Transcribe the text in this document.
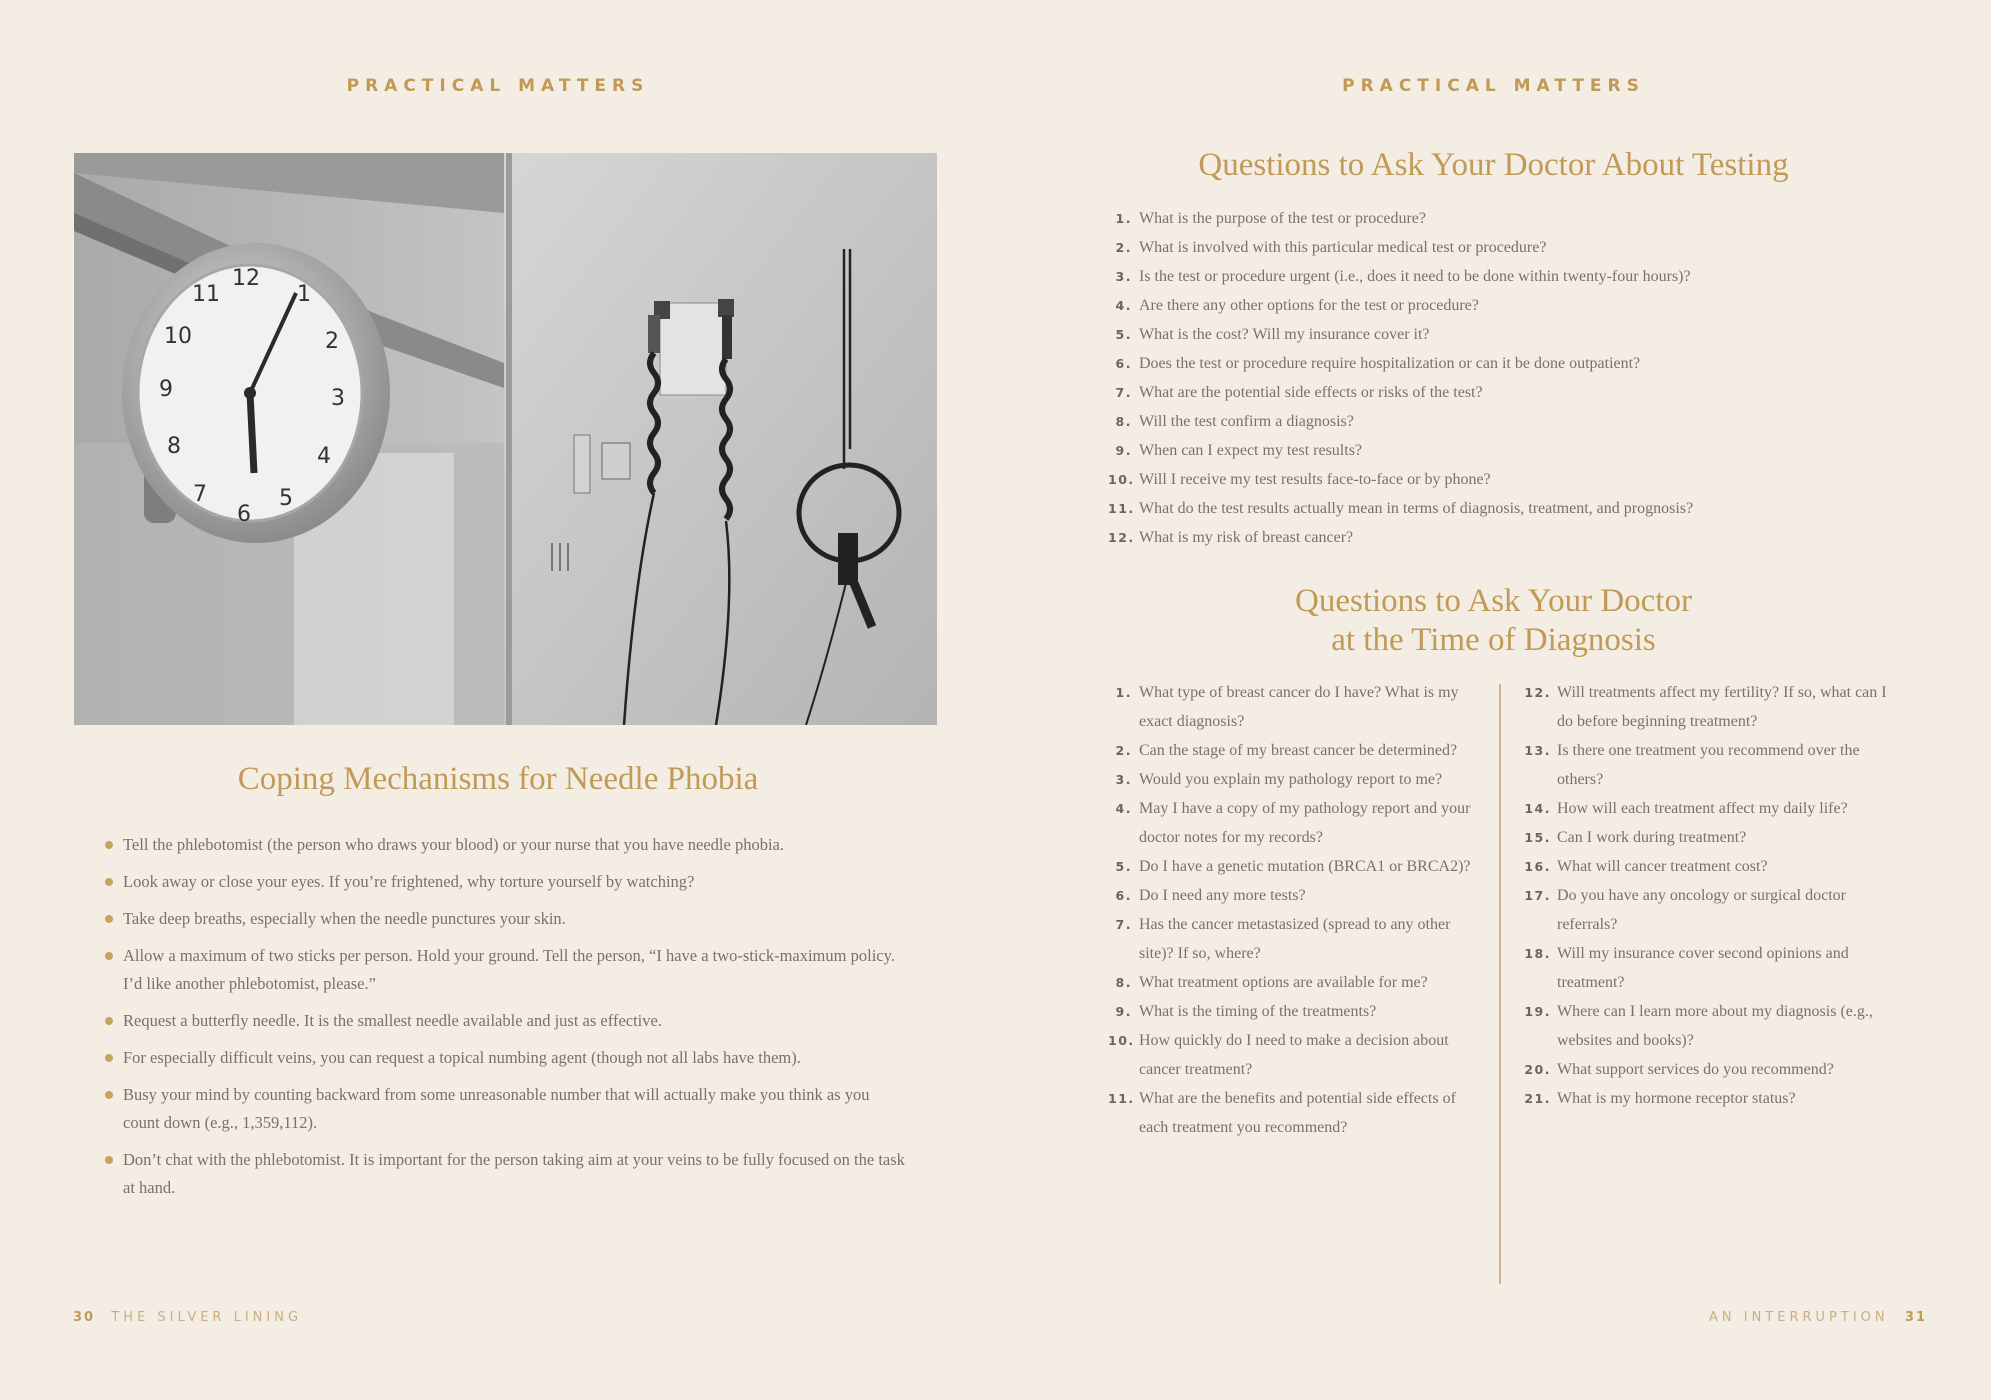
PRACTICAL MATTERS
12
1
2
3
4
5
6
7
8
9
10
11
Coping Mechanisms for Needle Phobia
Tell the phlebotomist (the person who draws your blood) or your nurse that you have needle phobia.
Look away or close your eyes. If you’re frightened, why torture yourself by watching?
Take deep breaths, especially when the needle punctures your skin.
Allow a maximum of two sticks per person. Hold your ground. Tell the person, “I have a two-stick-maximum policy. I’d like another phlebotomist, please.”
Request a butterfly needle. It is the smallest needle available and just as effective.
For especially difficult veins, you can request a topical numbing agent (though not all labs have them).
Busy your mind by counting backward from some unreasonable number that will actually make you think as you count down (e.g., 1,359,112).
Don’t chat with the phlebotomist. It is important for the person taking aim at your veins to be fully focused on the task at hand.
30 THE SILVER LINING
PRACTICAL MATTERS
Questions to Ask Your Doctor About Testing
1. What is the purpose of the test or procedure?
2. What is involved with this particular medical test or procedure?
3. Is the test or procedure urgent (i.e., does it need to be done within twenty-four hours)?
4. Are there any other options for the test or procedure?
5. What is the cost? Will my insurance cover it?
6. Does the test or procedure require hospitalization or can it be done outpatient?
7. What are the potential side effects or risks of the test?
8. Will the test confirm a diagnosis?
9. When can I expect my test results?
10. Will I receive my test results face-to-face or by phone?
11. What do the test results actually mean in terms of diagnosis, treatment, and prognosis?
12. What is my risk of breast cancer?
Questions to Ask Your Doctor
at the Time of Diagnosis
1. What type of breast cancer do I have? What is my exact diagnosis?
2. Can the stage of my breast cancer be determined?
3. Would you explain my pathology report to me?
4. May I have a copy of my pathology report and your doctor notes for my records?
5. Do I have a genetic mutation (BRCA1 or BRCA2)?
6. Do I need any more tests?
7. Has the cancer metastasized (spread to any other site)? If so, where?
8. What treatment options are available for me?
9. What is the timing of the treatments?
10. How quickly do I need to make a decision about cancer treatment?
11. What are the benefits and potential side effects of each treatment you recommend?
12. Will treatments affect my fertility? If so, what can I do before beginning treatment?
13. Is there one treatment you recommend over the others?
14. How will each treatment affect my daily life?
15. Can I work during treatment?
16. What will cancer treatment cost?
17. Do you have any oncology or surgical doctor referrals?
18. Will my insurance cover second opinions and treatment?
19. Where can I learn more about my diagnosis (e.g., websites and books)?
20. What support services do you recommend?
21. What is my hormone receptor status?
AN INTERRUPTION 31
